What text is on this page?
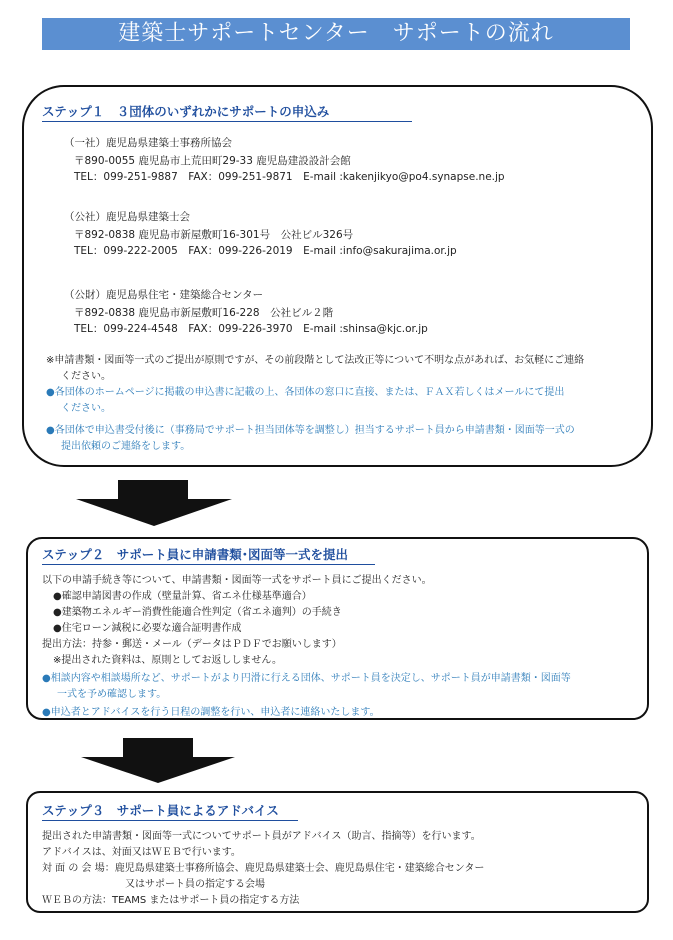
建築士サポートセンター　サポートの流れ
ステップ１　３団体のいずれかにサポートの申込み
（一社）鹿児島県建築士事務所協会
〒890-0055 鹿児島市上荒田町29-33 鹿児島建設設計会館
TEL：099-251-9887　FAX：099-251-9871　E-mail :kakenjikyo@po4.synapse.ne.jp
（公社）鹿児島県建築士会
〒892-0838 鹿児島市新屋敷町16-301号　公社ビル326号
TEL：099-222-2005　FAX：099-226-2019　E-mail :info@sakurajima.or.jp
（公財）鹿児島県住宅・建築総合センター
〒892-0838 鹿児島市新屋敷町16-228　公社ビル２階
TEL：099-224-4548　FAX：099-226-3970　E-mail :shinsa@kjc.or.jp
※申請書類・図面等一式のご提出が原則ですが、その前段階として法改正等について不明な点があれば、お気軽にご連絡
ください。
●各団体のホームページに掲載の申込書に記載の上、各団体の窓口に直接、または、ＦＡＸ若しくはメールにて提出
ください。
●各団体で申込書受付後に（事務局でサポート担当団体等を調整し）担当するサポート員から申請書類・図面等一式の
提出依頼のご連絡をします。
ステップ２　サポート員に申請書類･図面等一式を提出
以下の申請手続き等について、申請書類・図面等一式をサポート員にご提出ください。
●確認申請図書の作成（壁量計算、省エネ仕様基準適合）
●建築物エネルギー消費性能適合性判定（省エネ適判）の手続き
●住宅ローン減税に必要な適合証明書作成
提出方法：持参・郵送・メール（データはＰＤＦでお願いします）
※提出された資料は、原則としてお返ししません。
●相談内容や相談場所など、サポートがより円滑に行える団体、サポート員を決定し、サポート員が申請書類・図面等
一式を予め確認します。
●申込者とアドバイスを行う日程の調整を行い、申込者に連絡いたします。
ステップ３　サポート員によるアドバイス
提出された申請書類・図面等一式についてサポート員がアドバイス（助言、指摘等）を行います。
アドバイスは、対面又はＷＥＢで行います。
対 面 の 会 場：鹿児島県建築士事務所協会、鹿児島県建築士会、鹿児島県住宅・建築総合センター
又はサポート員の指定する会場
ＷＥＢの方法：TEAMS またはサポート員の指定する方法
